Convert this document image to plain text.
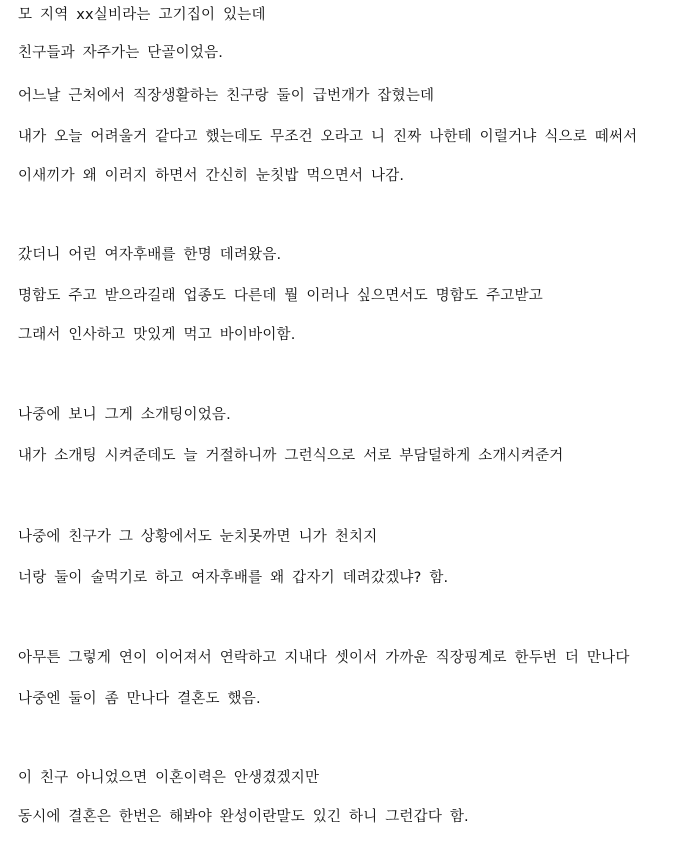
모 지역 xx실비라는 고기집이 있는데
친구들과 자주가는 단골이었음.
어느날 근처에서 직장생활하는 친구랑 둘이 급번개가 잡혔는데
내가 오늘 어려울거 같다고 했는데도 무조건 오라고 니 진짜 나한테 이럴거냐 식으로 떼써서
이새끼가 왜 이러지 하면서 간신히 눈칫밥 먹으면서 나감.
갔더니 어린 여자후배를 한명 데려왔음.
명함도 주고 받으라길래 업종도 다른데 뭘 이러나 싶으면서도 명함도 주고받고
그래서 인사하고 맛있게 먹고 바이바이함.
나중에 보니 그게 소개팅이었음.
내가 소개팅 시켜준데도 늘 거절하니까 그런식으로 서로 부담덜하게 소개시켜준거
나중에 친구가 그 상황에서도 눈치못까면 니가 천치지
너랑 둘이 술먹기로 하고 여자후배를 왜 갑자기 데려갔겠냐? 함.
아무튼 그렇게 연이 이어져서 연락하고 지내다 셋이서 가까운 직장핑계로 한두번 더 만나다
나중엔 둘이 좀 만나다 결혼도 했음.
이 친구 아니었으면 이혼이력은 안생겼겠지만
동시에 결혼은 한번은 해봐야 완성이란말도 있긴 하니 그런갑다 함.
